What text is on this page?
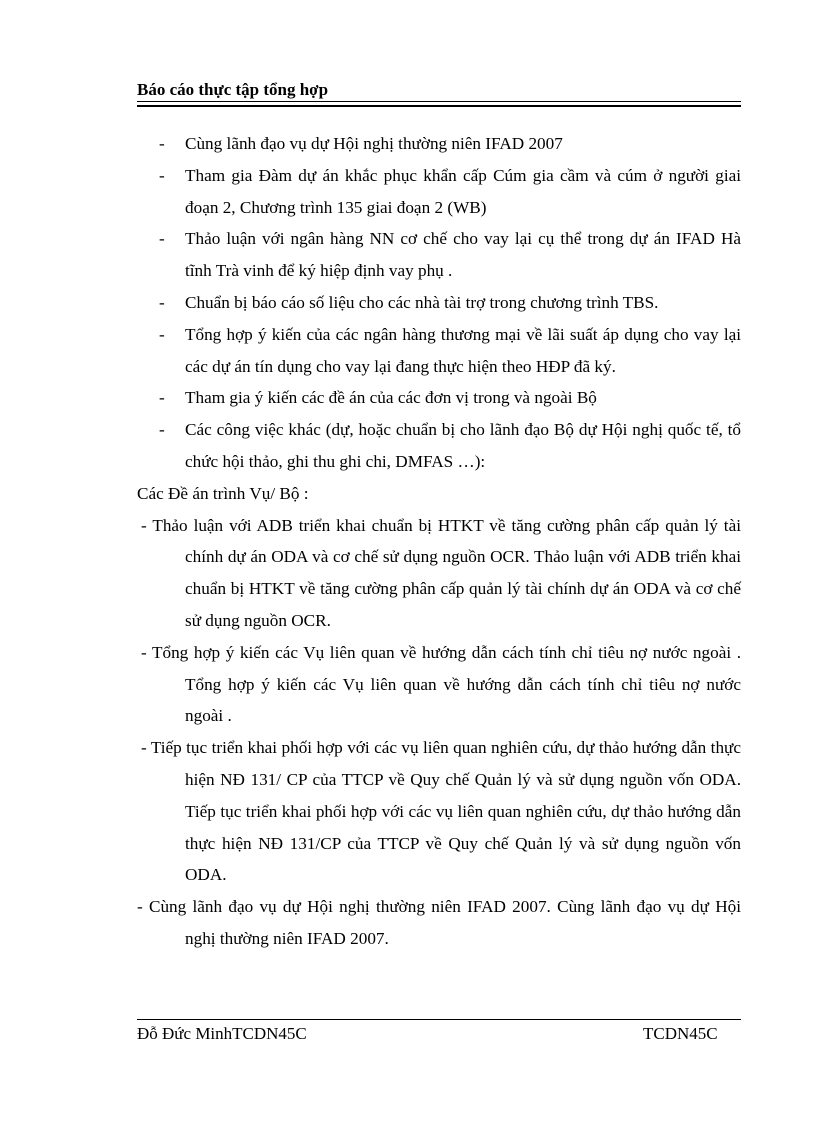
Báo cáo thực tập tổng hợp
- Cùng lãnh đạo vụ dự Hội nghị thường niên IFAD 2007
- Tham gia Đàm dự án khắc phục khẩn cấp Cúm gia cầm và cúm ở người giai đoạn 2, Chương trình 135 giai đoạn 2 (WB)
- Thảo luận với ngân hàng NN cơ chế cho vay lại cụ thể trong dự án IFAD Hà tĩnh Trà vinh để ký hiệp định vay phụ .
- Chuẩn bị báo cáo số liệu cho các nhà tài trợ trong chương trình TBS.
- Tổng hợp ý kiến của các ngân hàng thương mại về lãi suất áp dụng cho vay lại các dự án tín dụng cho vay lại đang thực hiện theo HĐP đã ký.
- Tham gia ý kiến các đề án của các đơn vị trong và ngoài Bộ
- Các công việc khác (dự, hoặc chuẩn bị cho lãnh đạo Bộ dự Hội nghị quốc tế, tổ chức hội thảo, ghi thu ghi chi, DMFAS …):
Các Đề án trình Vụ/ Bộ :
- Thảo luận với ADB triển khai chuẩn bị HTKT về tăng cường phân cấp quản lý tài chính dự án ODA và cơ chế sử dụng nguồn OCR. Thảo luận với ADB triển khai chuẩn bị HTKT về tăng cường phân cấp quản lý tài chính dự án ODA và cơ chế sử dụng nguồn OCR.
- Tổng hợp ý kiến các Vụ liên quan về hướng dẫn cách tính chỉ tiêu nợ nước ngoài . Tổng hợp ý kiến các Vụ liên quan về hướng dẫn cách tính chỉ tiêu nợ nước ngoài .
- Tiếp tục triển khai phối hợp với các vụ liên quan nghiên cứu, dự thảo hướng dẫn thực hiện NĐ 131/ CP của TTCP về Quy chế Quản lý và sử dụng nguồn vốn ODA. Tiếp tục triển khai phối hợp với các vụ liên quan nghiên cứu, dự thảo hướng dẫn thực hiện NĐ 131/CP của TTCP về Quy chế Quản lý và sử dụng nguồn vốn ODA.
- Cùng lãnh đạo vụ dự Hội nghị thường niên IFAD 2007. Cùng lãnh đạo vụ dự Hội nghị thường niên IFAD 2007.
Đỗ Đức MinhTCDN45C	TCDN45C
